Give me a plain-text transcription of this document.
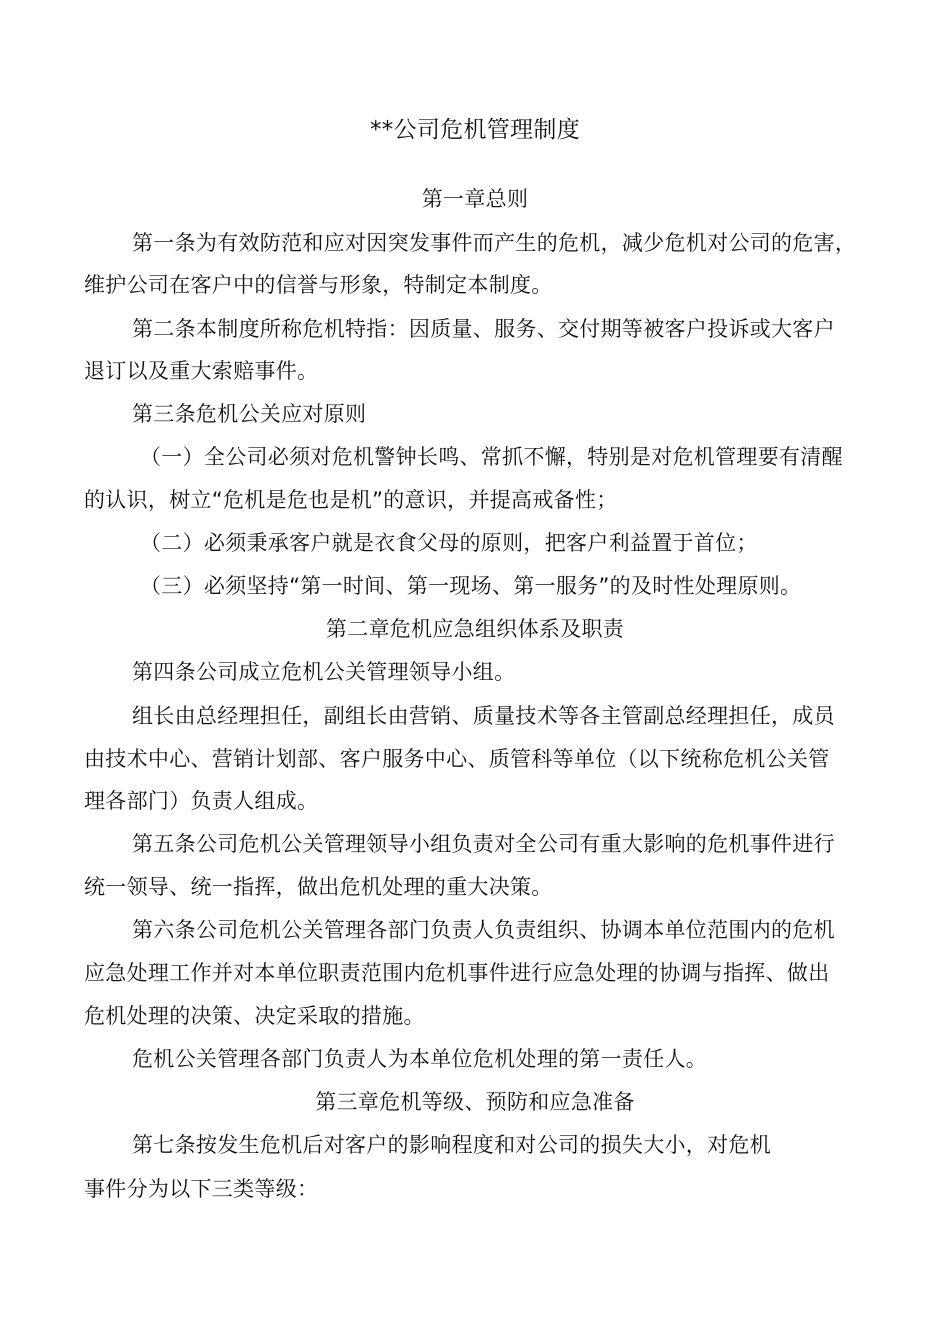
**公司危机管理制度
第一章总则
第一条为有效防范和应对因突发事件而产生的危机，减少危机对公司的危害，
维护公司在客户中的信誉与形象，特制定本制度。
第二条本制度所称危机特指：因质量、服务、交付期等被客户投诉或大客户
退订以及重大索赔事件。
第三条危机公关应对原则
（一）全公司必须对危机警钟长鸣、常抓不懈，特别是对危机管理要有清醒
的认识，树立“危机是危也是机”的意识，并提高戒备性；
（二）必须秉承客户就是衣食父母的原则，把客户利益置于首位；
（三）必须坚持“第一时间、第一现场、第一服务”的及时性处理原则。
第二章危机应急组织体系及职责
第四条公司成立危机公关管理领导小组。
组长由总经理担任，副组长由营销、质量技术等各主管副总经理担任，成员
由技术中心、营销计划部、客户服务中心、质管科等单位（以下统称危机公关管
理各部门）负责人组成。
第五条公司危机公关管理领导小组负责对全公司有重大影响的危机事件进行
统一领导、统一指挥，做出危机处理的重大决策。
第六条公司危机公关管理各部门负责人负责组织、协调本单位范围内的危机
应急处理工作并对本单位职责范围内危机事件进行应急处理的协调与指挥、做出
危机处理的决策、决定采取的措施。
危机公关管理各部门负责人为本单位危机处理的第一责任人。
第三章危机等级、预防和应急准备
第七条按发生危机后对客户的影响程度和对公司的损失大小，对危机
事件分为以下三类等级：
